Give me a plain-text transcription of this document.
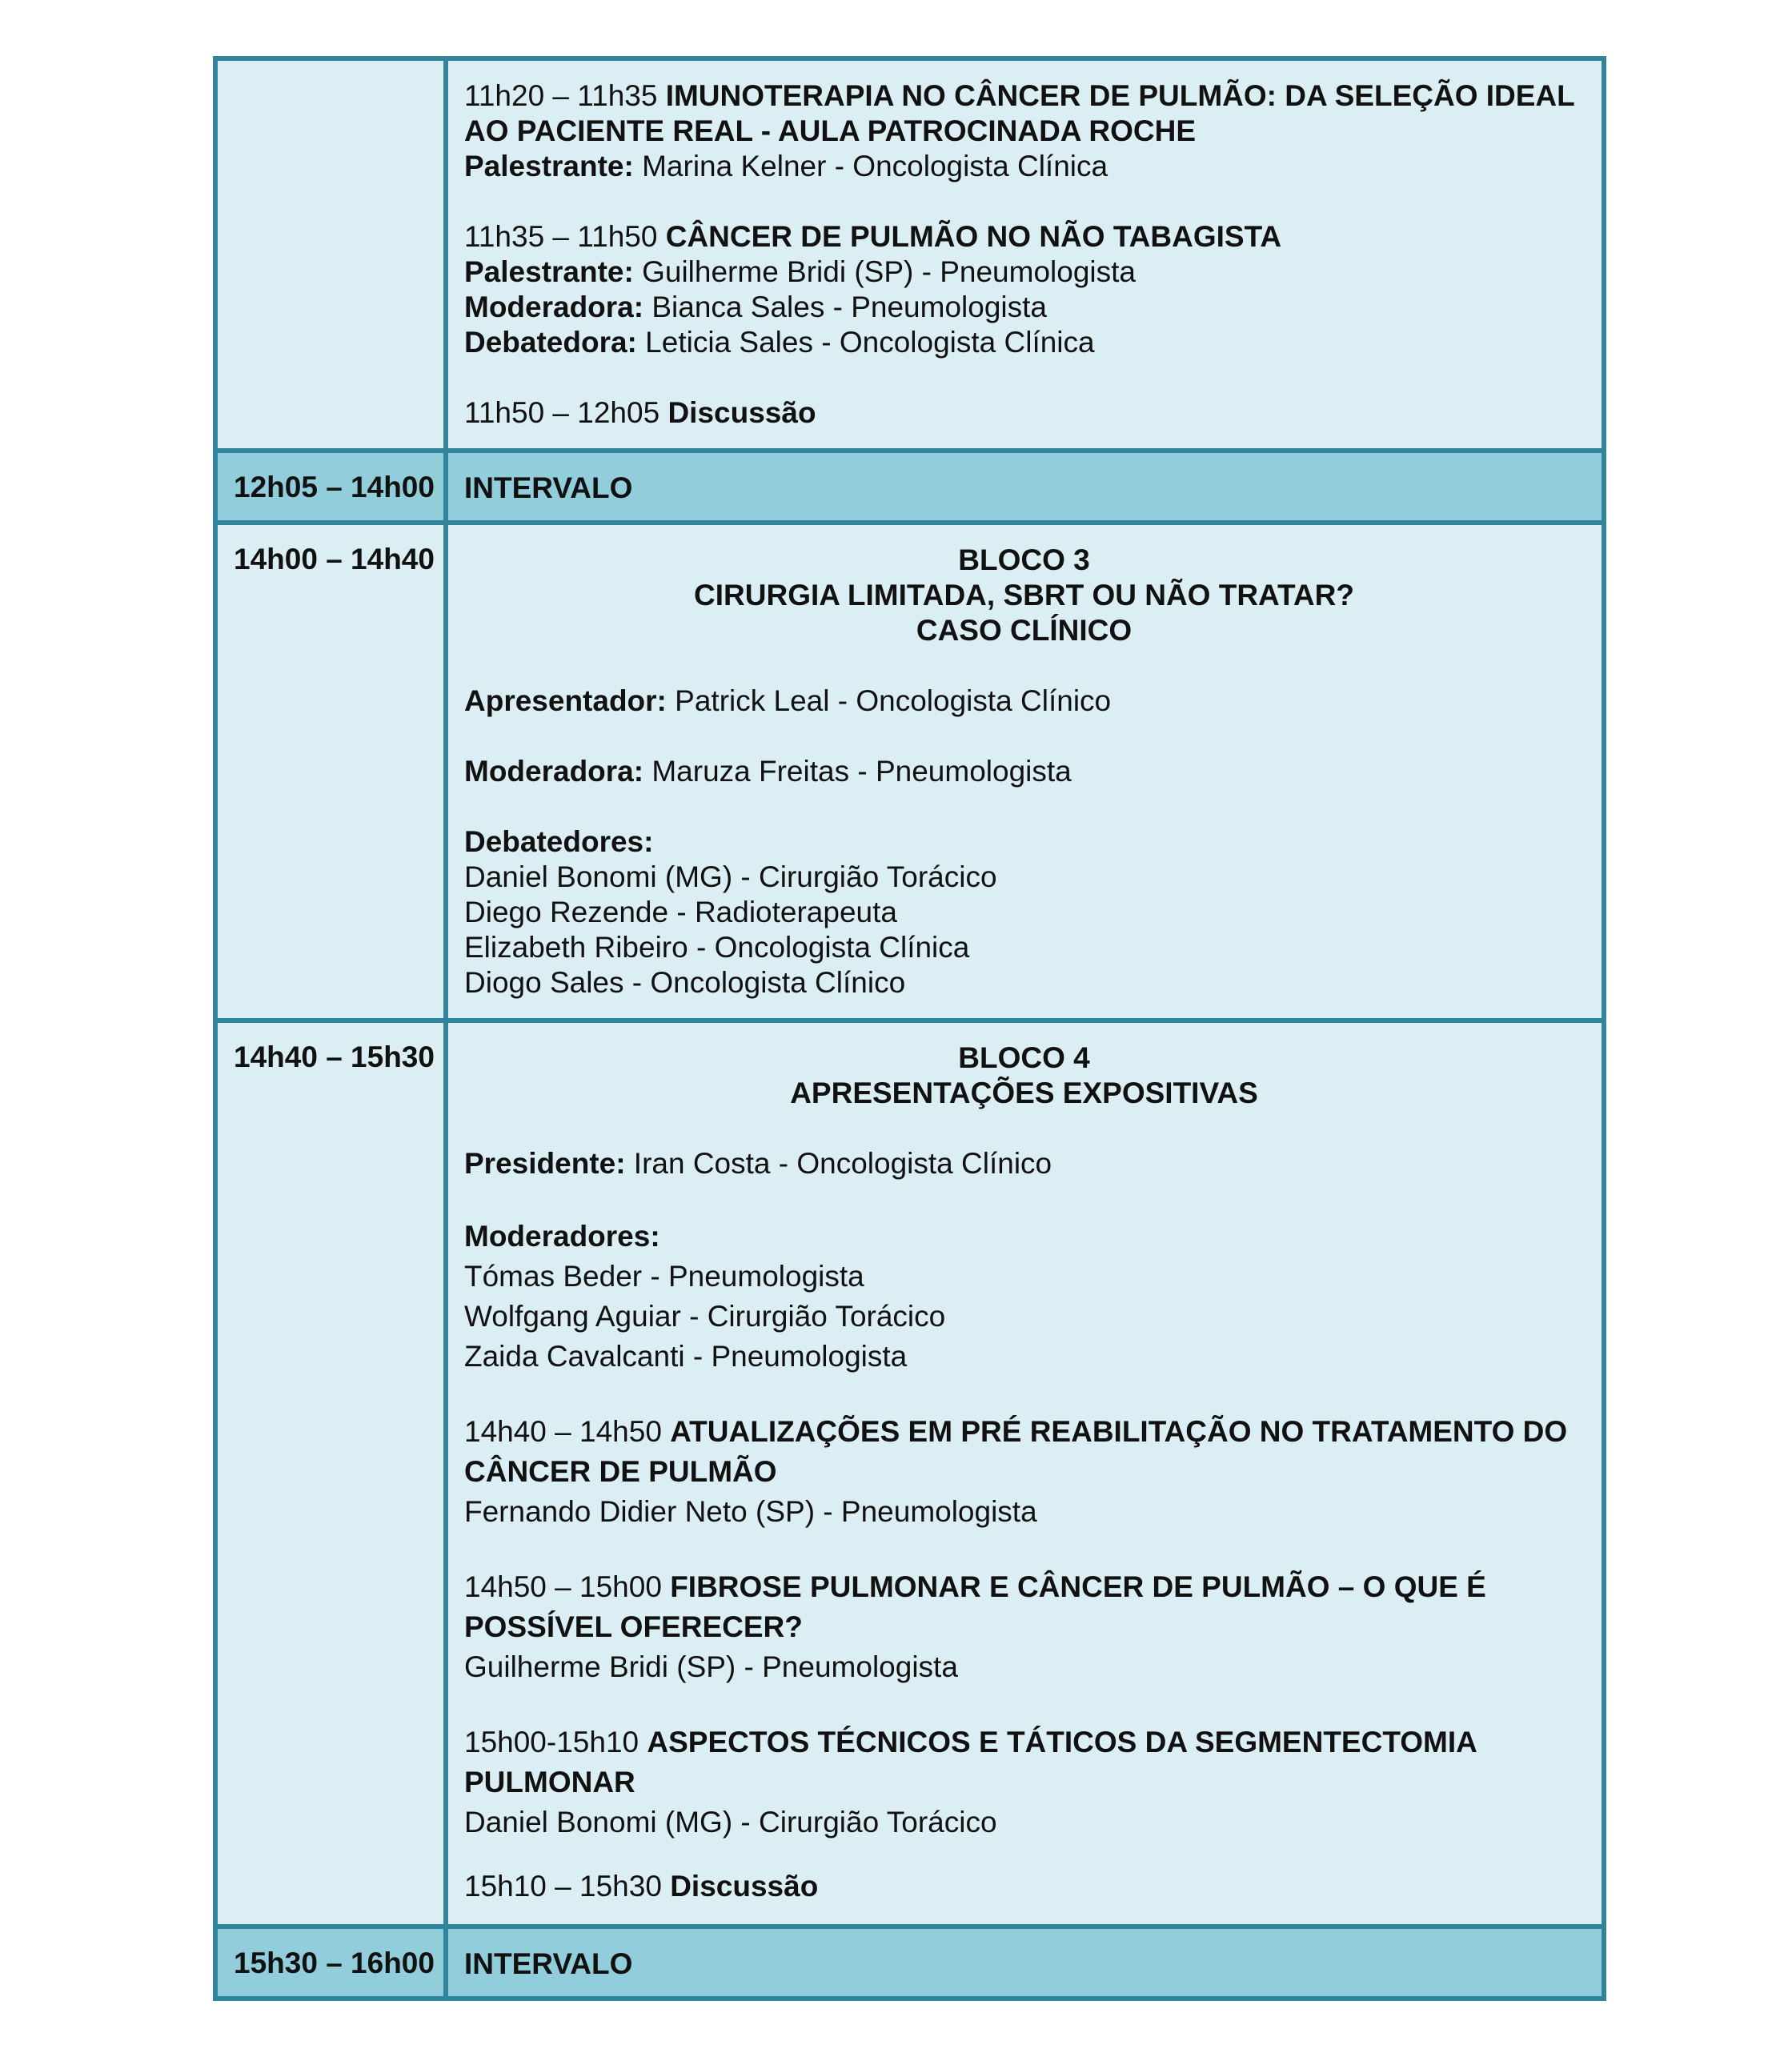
11h20 – 11h35 IMUNOTERAPIA NO CÂNCER DE PULMÃO: DA SELEÇÃO IDEAL AO PACIENTE REAL - AULA PATROCINADA ROCHE

Palestrante: Marina Kelner - Oncologista Clínica

11h35 – 11h50 CÂNCER DE PULMÃO NO NÃO TABAGISTA

Palestrante: Guilherme Bridi (SP) - Pneumologista

Moderadora: Bianca Sales - Pneumologista

Debatedora: Leticia Sales - Oncologista Clínica

11h50 – 12h05 Discussão

12h05 – 14h00	INTERVALO
14h00 – 14h40	BLOCO 3

CIRURGIA LIMITADA, SBRT OU NÃO TRATAR?

CASO CLÍNICO

Apresentador: Patrick Leal - Oncologista Clínico

Moderadora: Maruza Freitas - Pneumologista

Debatedores:

Daniel Bonomi (MG) - Cirurgião Torácico

Diego Rezende - Radioterapeuta

Elizabeth Ribeiro - Oncologista Clínica

Diogo Sales - Oncologista Clínico

14h40 – 15h30	BLOCO 4

APRESENTAÇÕES EXPOSITIVAS

Presidente: Iran Costa - Oncologista Clínico

Moderadores:

Tómas Beder - Pneumologista

Wolfgang Aguiar - Cirurgião Torácico

Zaida Cavalcanti - Pneumologista

14h40 – 14h50 ATUALIZAÇÕES EM PRÉ REABILITAÇÃO NO TRATAMENTO DO CÂNCER DE PULMÃO

Fernando Didier Neto (SP) - Pneumologista

14h50 – 15h00 FIBROSE PULMONAR E CÂNCER DE PULMÃO – O QUE É POSSÍVEL OFERECER?

Guilherme Bridi (SP) - Pneumologista

15h00-15h10 ASPECTOS TÉCNICOS E TÁTICOS DA SEGMENTECTOMIA PULMONAR

Daniel Bonomi (MG) - Cirurgião Torácico

15h10 – 15h30 Discussão

15h30 – 16h00	INTERVALO
